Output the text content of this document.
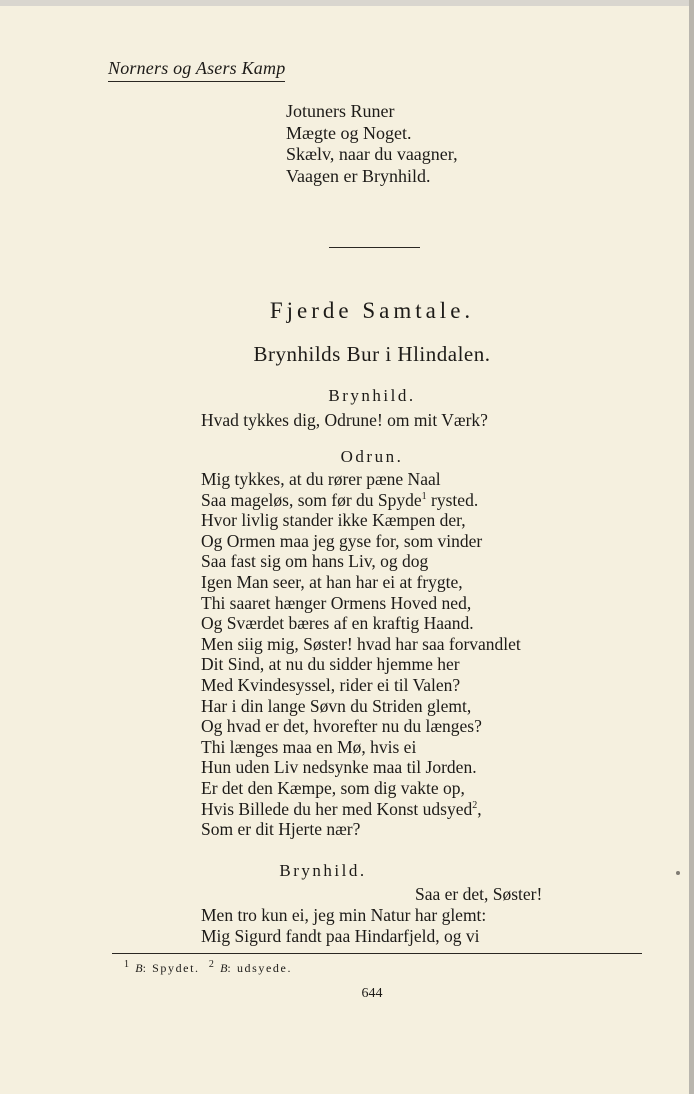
Norners og Asers Kamp
Jotuners Runer
Mægte og Noget.
Skælv, naar du vaagner,
Vaagen er Brynhild.
Fjerde Samtale.
Brynhilds Bur i Hlindalen.
Brynhild.
Hvad tykkes dig, Odrune! om mit Værk?
Odrun.
Mig tykkes, at du rører pæne Naal
Saa mageløs, som før du Spyde$^1$ rysted.
Hvor livlig stander ikke Kæmpen der,
Og Ormen maa jeg gyse for, som vinder
Saa fast sig om hans Liv, og dog
Igen Man seer, at han har ei at frygte,
Thi saaret hænger Ormens Hoved ned,
Og Sværdet bæres af en kraftig Haand.
Men siig mig, Søster! hvad har saa forvandlet
Dit Sind, at nu du sidder hjemme her
Med Kvindesyssel, rider ei til Valen?
Har i din lange Søvn du Striden glemt,
Og hvad er det, hvorefter nu du længes?
Thi længes maa en Mø, hvis ei
Hun uden Liv nedsynke maa til Jorden.
Er det den Kæmpe, som dig vakte op,
Hvis Billede du her med Konst udsyed$^2$,
Som er dit Hjerte nær?
Brynhild.
Saa er det, Søster!
Men tro kun ei, jeg min Natur har glemt:
Mig Sigurd fandt paa Hindarfjeld, og vi
$^1$ B: Spydet. $^2$ B: udsyede.
644
